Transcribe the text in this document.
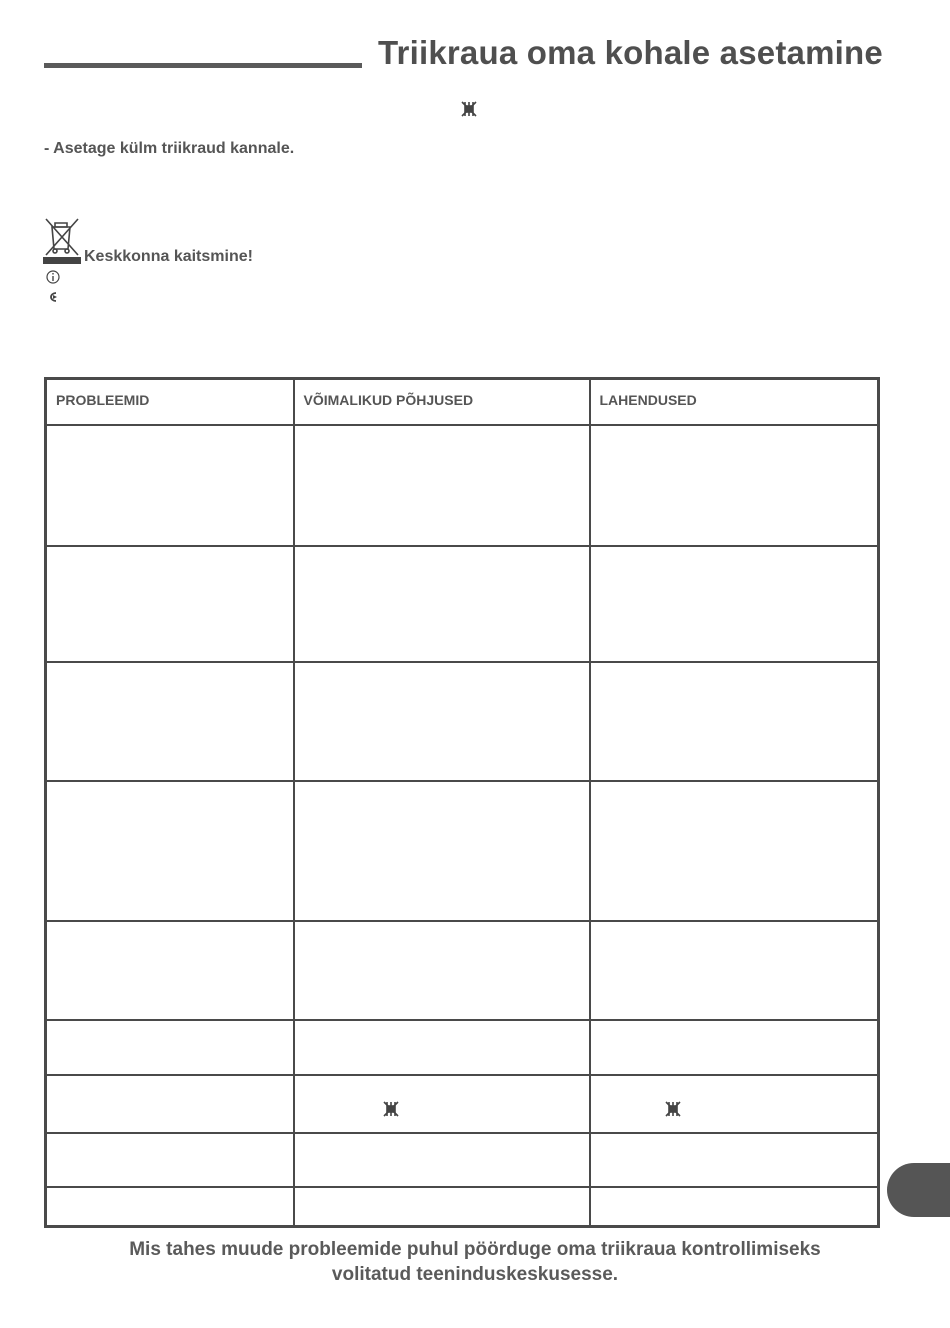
Triikraua oma kohale asetamine
- Asetage külm triikraud kannale.
Keskkonna kaitsmine!
PROBLEEMID	VÕIMALIKUD PÕHJUSED	LAHENDUSED

Mis tahes muude probleemide puhul pöörduge oma triikraua kontrollimiseks
volitatud teeninduskeskusesse.
